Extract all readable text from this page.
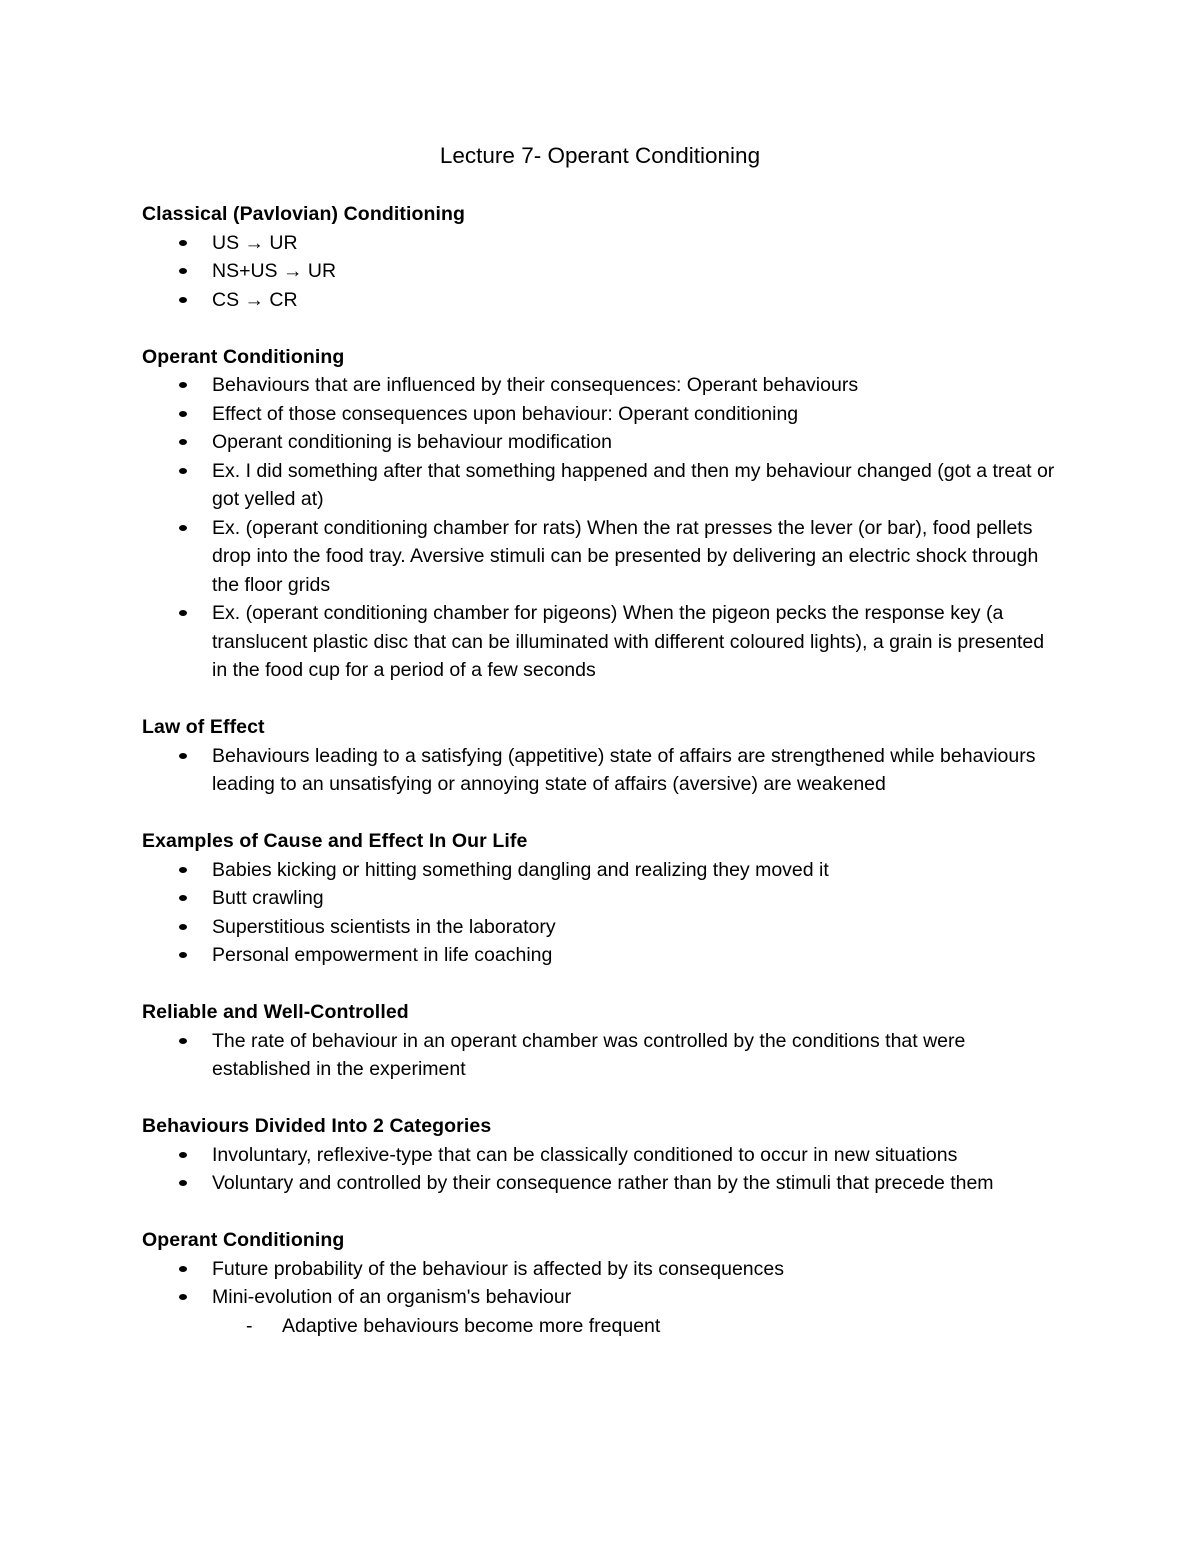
Lecture 7- Operant Conditioning

Classical (Pavlovian) Conditioning

US → UR
NS+US → UR
CS → CR

Operant Conditioning

Behaviours that are influenced by their consequences: Operant behaviours
Effect of those consequences upon behaviour: Operant conditioning
Operant conditioning is behaviour modification
Ex. I did something after that something happened and then my behaviour changed (got a treat or got yelled at)
Ex. (operant conditioning chamber for rats) When the rat presses the lever (or bar), food pellets drop into the food tray. Aversive stimuli can be presented by delivering an electric shock through the floor grids
Ex. (operant conditioning chamber for pigeons) When the pigeon pecks the response key (a translucent plastic disc that can be illuminated with different coloured lights), a grain is presented in the food cup for a period of a few seconds

Law of Effect

Behaviours leading to a satisfying (appetitive) state of affairs are strengthened while behaviours leading to an unsatisfying or annoying state of affairs (aversive) are weakened

Examples of Cause and Effect In Our Life

Babies kicking or hitting something dangling and realizing they moved it
Butt crawling
Superstitious scientists in the laboratory
Personal empowerment in life coaching

Reliable and Well-Controlled

The rate of behaviour in an operant chamber was controlled by the conditions that were established in the experiment

Behaviours Divided Into 2 Categories

Involuntary, reflexive-type that can be classically conditioned to occur in new situations
Voluntary and controlled by their consequence rather than by the stimuli that precede them

Operant Conditioning

Future probability of the behaviour is affected by its consequences
Mini-evolution of an organism's behaviour
- Adaptive behaviours become more frequent
